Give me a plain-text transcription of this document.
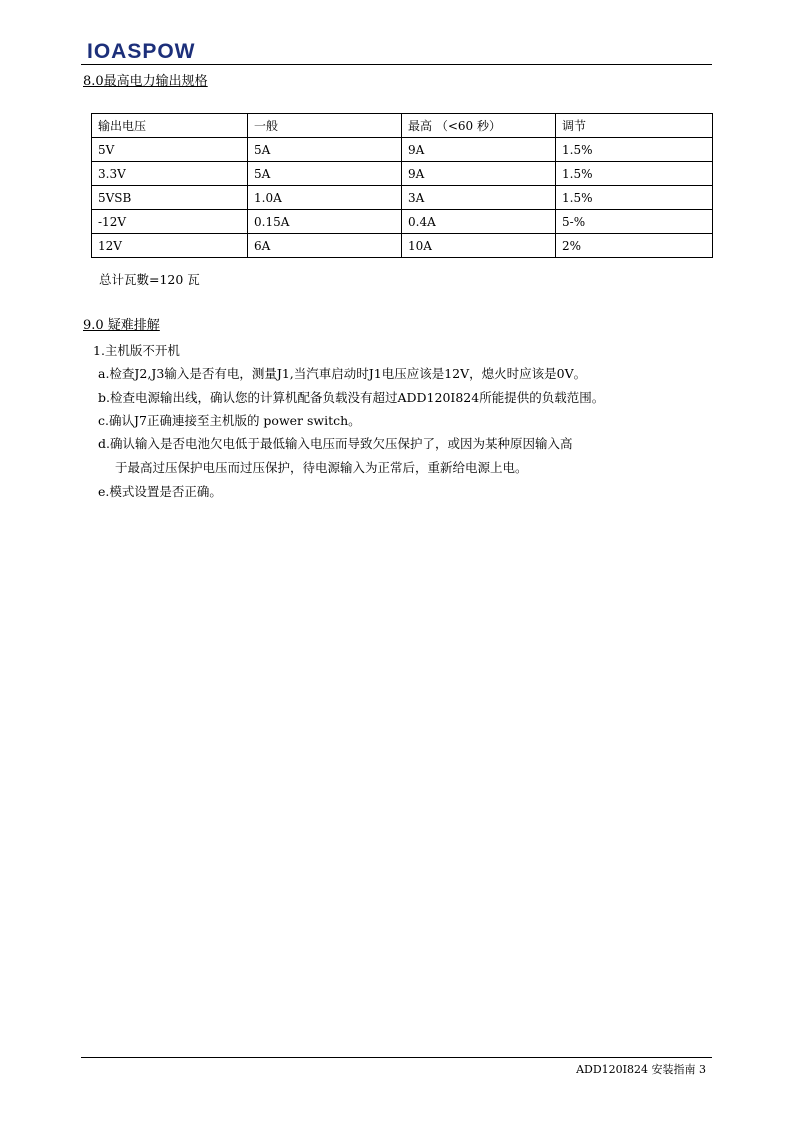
IOASPOW
8.0最高电力输出规格
输出电压	一般	最高 （<60 秒）	调节
5V	5A	9A	1.5%
3.3V	5A	9A	1.5%
5VSB	1.0A	3A	1.5%
-12V	0.15A	0.4A	5-%
12V	6A	10A	2%
总计瓦數=120 瓦
9.0 疑难排解
1.主机版不开机
a.检查J2,J3输入是否有电，测量J1,当汽車启动时J1电压应该是12V，熄火时应该是0V。
b.检查电源输出线，确认您的计算机配备负载没有超过ADD120I824所能提供的负载范围。
c.确认J7正确連接至主机版的 power switch。
d.确认输入是否电池欠电低于最低输入电压而导致欠压保护了，或因为某种原因输入高
于最高过压保护电压而过压保护，待电源输入为正常后，重新给电源上电。
e.模式设置是否正确。
ADD120I824 安装指南 3
